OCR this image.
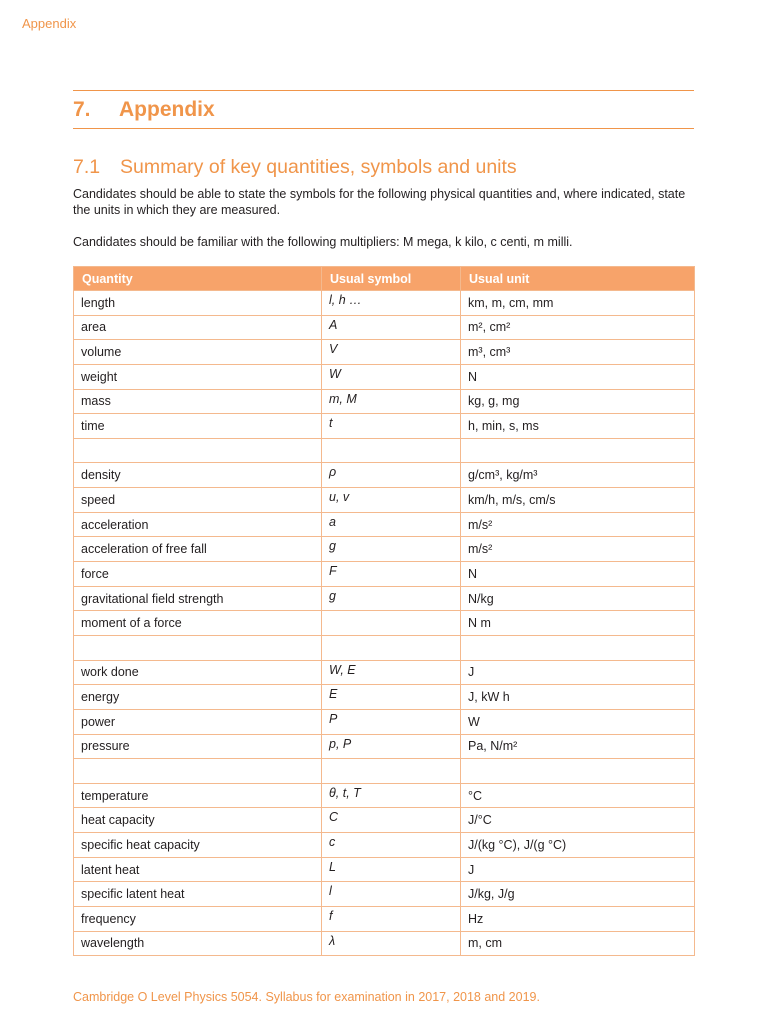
Appendix
7. Appendix
7.1 Summary of key quantities, symbols and units
Candidates should be able to state the symbols for the following physical quantities and, where indicated, state the units in which they are measured.
Candidates should be familiar with the following multipliers: M mega, k kilo, c centi, m milli.
Quantity	Usual symbol	Usual unit
length	l, h …	km, m, cm, mm
area	A	m², cm²
volume	V	m³, cm³
weight	W	N
mass	m, M	kg, g, mg
time	t	h, min, s, ms

density	ρ	g/cm³, kg/m³
speed	u, v	km/h, m/s, cm/s
acceleration	a	m/s²
acceleration of free fall	g	m/s²
force	F	N
gravitational field strength	g	N/kg
moment of a force		N m

work done	W, E	J
energy	E	J, kW h
power	P	W
pressure	p, P	Pa, N/m²

temperature	θ, t, T	°C
heat capacity	C	J/°C
specific heat capacity	c	J/(kg °C), J/(g °C)
latent heat	L	J
specific latent heat	l	J/kg, J/g
frequency	f	Hz
wavelength	λ	m, cm
Cambridge O Level Physics 5054. Syllabus for examination in 2017, 2018 and 2019.
